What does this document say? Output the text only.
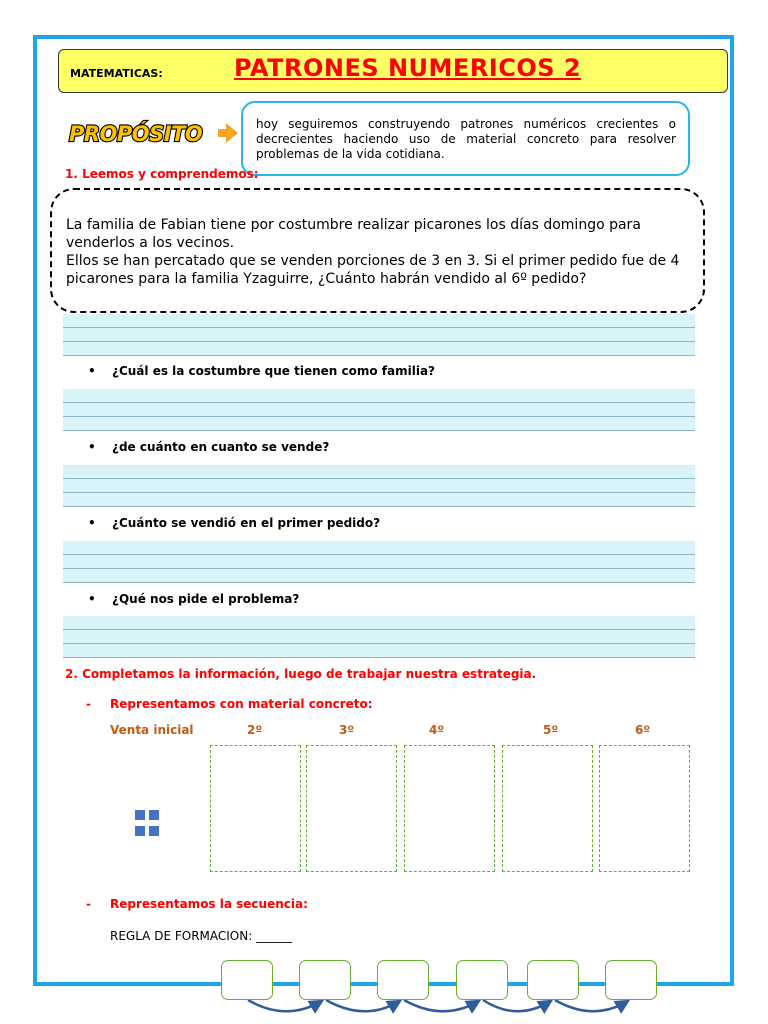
MATEMATICAS:	PATRONES NUMERICOS 2
PROPÓSITO	hoy seguiremos construyendo patrones numéricos crecientes o decrecientes haciendo uso de material concreto para resolver problemas de la vida cotidiana.
1. Leemos y comprendemos:

La familia de Fabian tiene por costumbre realizar picarones los días domingo para venderlos a los vecinos.

Ellos se han percatado que se venden porciones de 3 en 3. Si el primer pedido fue de 4 picarones para la familia Yzaguirre, ¿Cuánto habrán vendido al 6º pedido?

• ¿Cuál es la costumbre que tienen como familia?
• ¿de cuánto en cuanto se vende?
• ¿Cuánto se vendió en el primer pedido?
• ¿Qué nos pide el problema?
2. Completamos la información, luego de trabajar nuestra estrategia.
- Representamos con material concreto:
Venta inicial	2º	3º	4º	5º	6º
- Representamos la secuencia:
REGLA DE FORMACION: ______
